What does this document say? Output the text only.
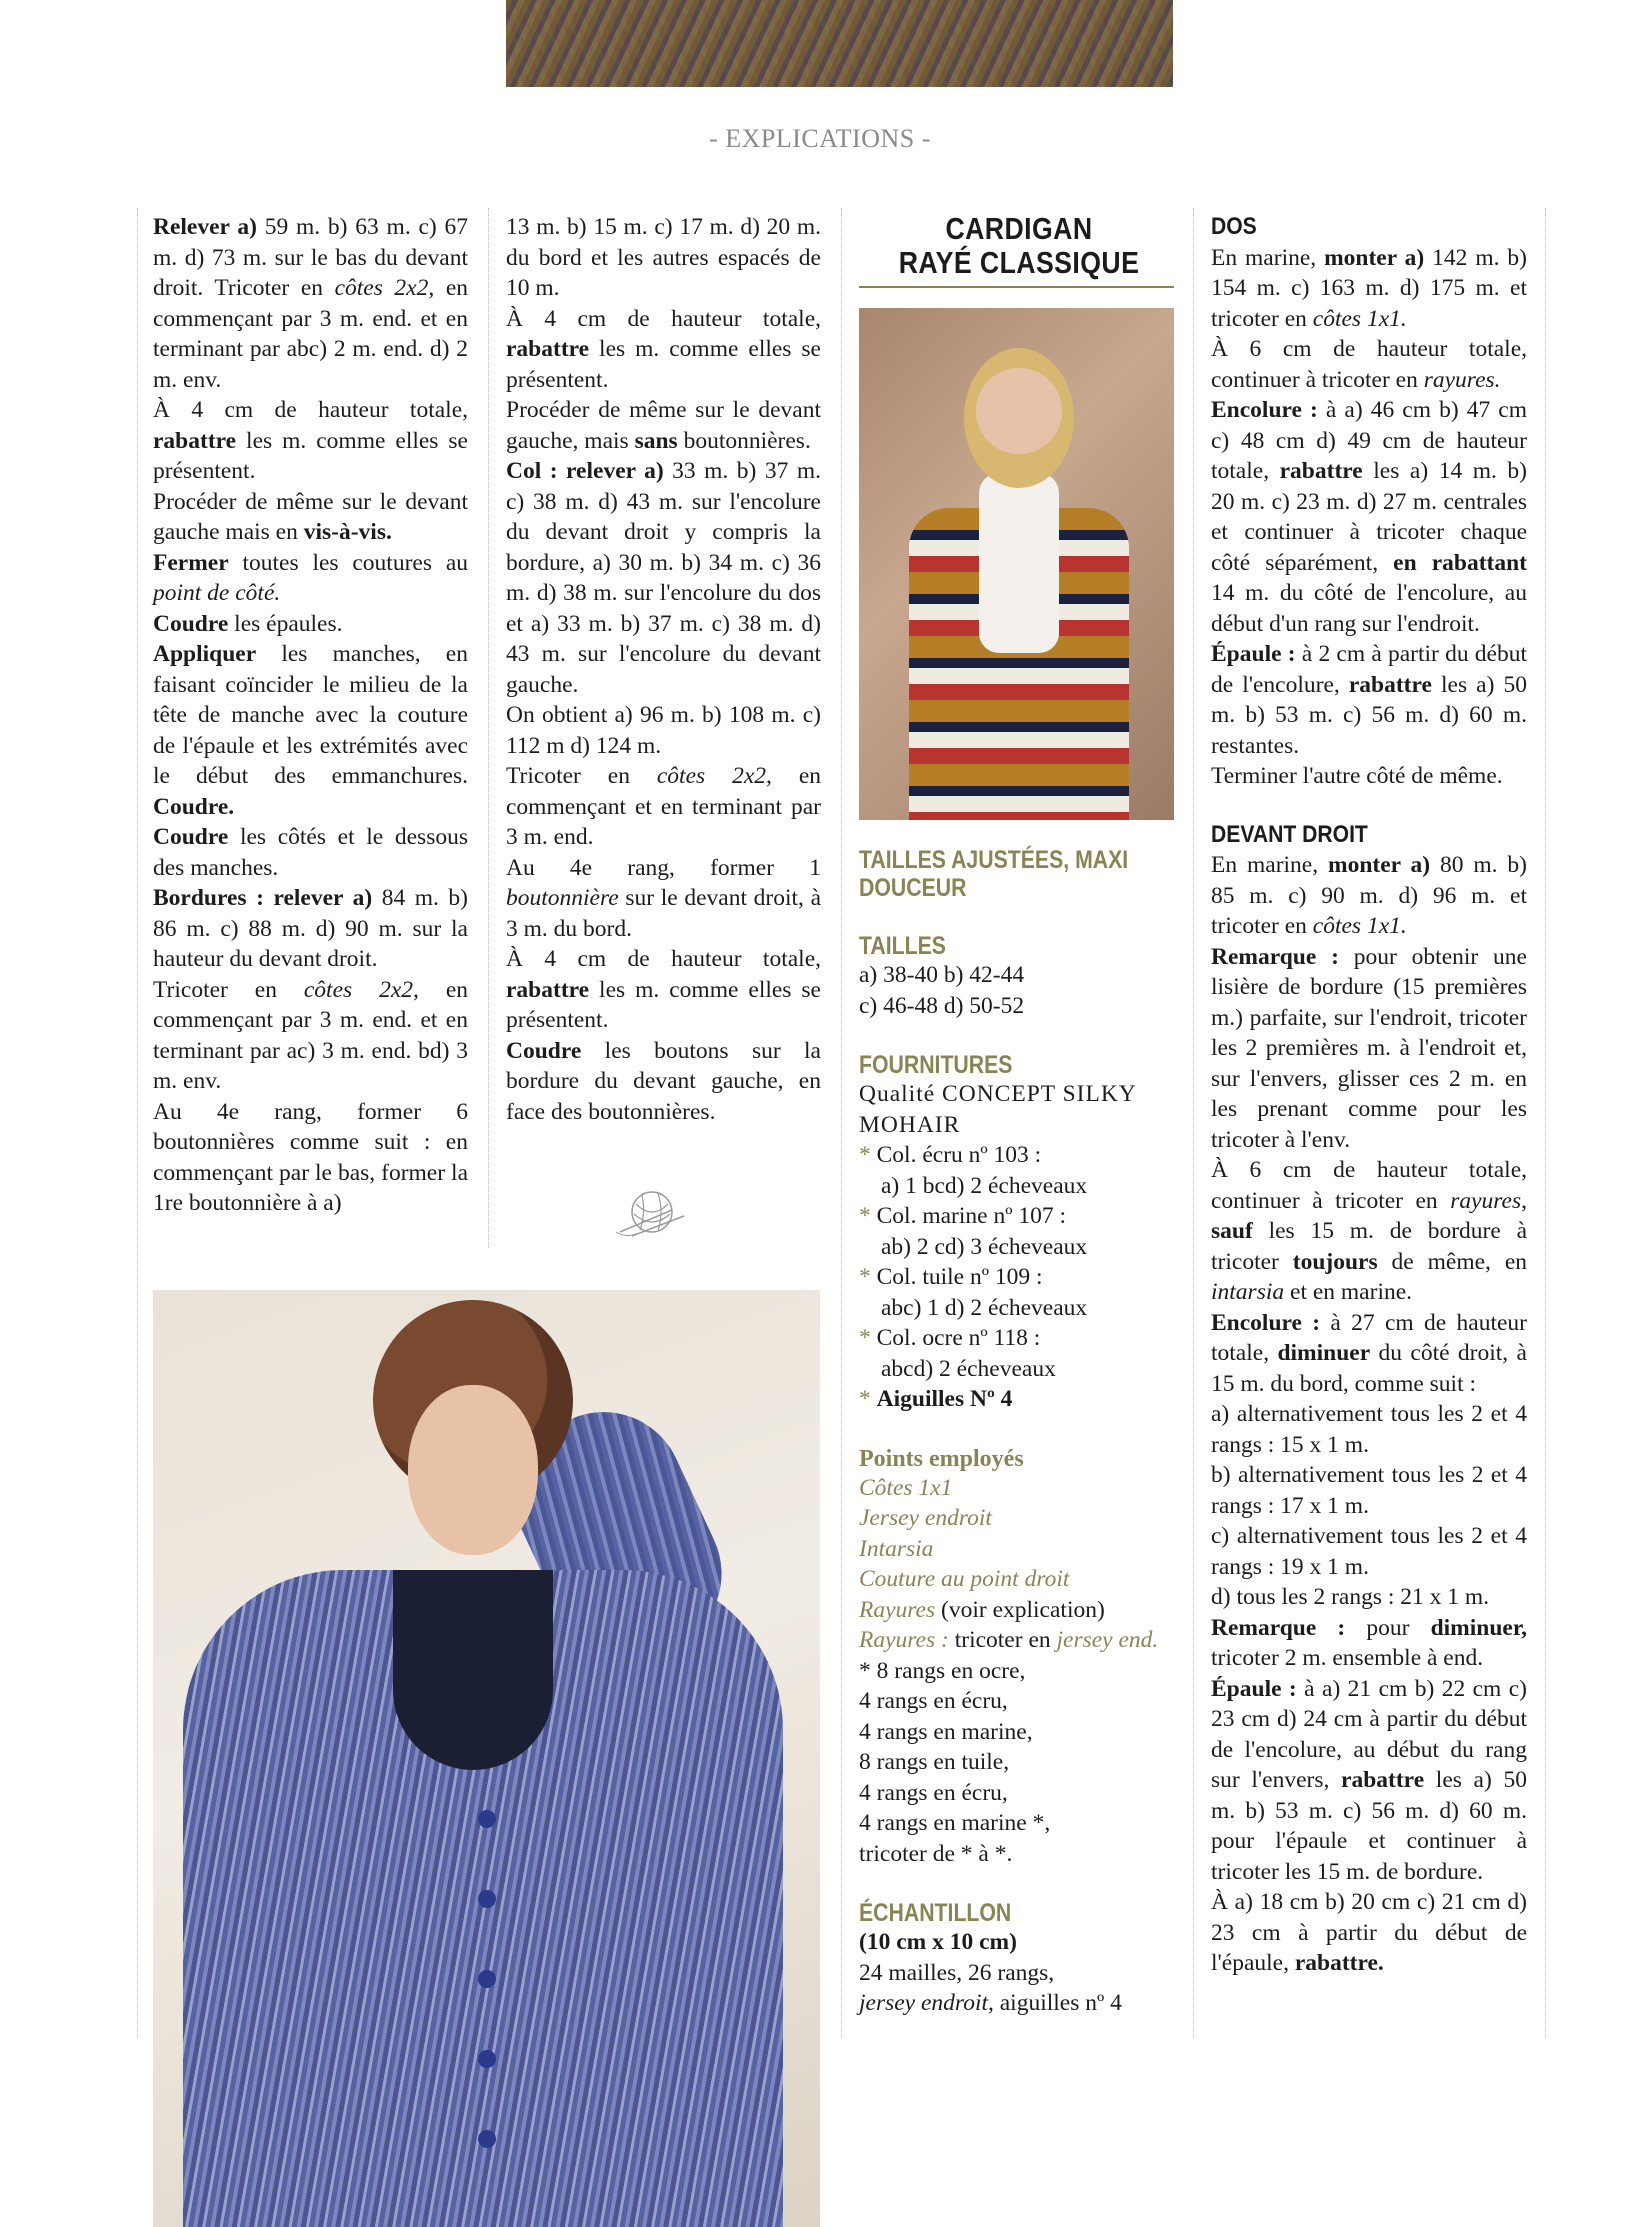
- EXPLICATIONS -

Relever a) 59 m. b) 63 m. c) 67 m. d) 73 m. sur le bas du devant droit. Tricoter en côtes 2x2, en commençant par 3 m. end. et en terminant par abc) 2 m. end. d) 2 m. env.

À 4 cm de hauteur totale, rabattre les m. comme elles se présentent.

Procéder de même sur le devant gauche mais en vis-à-vis.

Fermer toutes les coutures au point de côté.

Coudre les épaules.

Appliquer les manches, en faisant coïncider le milieu de la tête de manche avec la couture de l'épaule et les extrémités avec le début des emmanchures. Coudre.

Coudre les côtés et le dessous des manches.

Bordures : relever a) 84 m. b) 86 m. c) 88 m. d) 90 m. sur la hauteur du devant droit.

Tricoter en côtes 2x2, en commençant par 3 m. end. et en terminant par ac) 3 m. end. bd) 3 m. env.

Au 4e rang, former 6 boutonnières comme suit : en commençant par le bas, former la 1re boutonnière à a)

13 m. b) 15 m. c) 17 m. d) 20 m. du bord et les autres espacés de 10 m.

À 4 cm de hauteur totale, rabattre les m. comme elles se présentent.

Procéder de même sur le devant gauche, mais sans boutonnières.

Col : relever a) 33 m. b) 37 m. c) 38 m. d) 43 m. sur l'encolure du devant droit y compris la bordure, a) 30 m. b) 34 m. c) 36 m. d) 38 m. sur l'encolure du dos et a) 33 m. b) 37 m. c) 38 m. d) 43 m. sur l'encolure du devant gauche.

On obtient a) 96 m. b) 108 m. c) 112 m d) 124 m.

Tricoter en côtes 2x2, en commençant et en terminant par 3 m. end.

Au 4e rang, former 1 boutonnière sur le devant droit, à 3 m. du bord.

À 4 cm de hauteur totale, rabattre les m. comme elles se présentent.

Coudre les boutons sur la bordure du devant gauche, en face des boutonnières.

CARDIGAN
RAYÉ CLASSIQUE
TAILLES AJUSTÉES, MAXI DOUCEUR
TAILLES

a) 38-40 b) 42-44

c) 46-48 d) 50-52

FOURNITURES

Qualité CONCEPT SILKY MOHAIR

* Col. écru nº 103 :

a) 1 bcd) 2 écheveaux

* Col. marine nº 107 :

ab) 2 cd) 3 écheveaux

* Col. tuile nº 109 :

abc) 1 d) 2 écheveaux

* Col. ocre nº 118 :

abcd) 2 écheveaux

* Aiguilles Nº 4

Points employés

Côtes 1x1

Jersey endroit

Intarsia

Couture au point droit

Rayures (voir explication)

Rayures : tricoter en jersey end.

* 8 rangs en ocre,

4 rangs en écru,

4 rangs en marine,

8 rangs en tuile,

4 rangs en écru,

4 rangs en marine *,

tricoter de * à *.

ÉCHANTILLON

(10 cm x 10 cm)

24 mailles, 26 rangs,

jersey endroit, aiguilles nº 4

DOS

En marine, monter a) 142 m. b) 154 m. c) 163 m. d) 175 m. et tricoter en côtes 1x1.

À 6 cm de hauteur totale, continuer à tricoter en rayures.

Encolure : à a) 46 cm b) 47 cm c) 48 cm d) 49 cm de hauteur totale, rabattre les a) 14 m. b) 20 m. c) 23 m. d) 27 m. centrales et continuer à tricoter chaque côté séparément, en rabattant 14 m. du côté de l'encolure, au début d'un rang sur l'endroit.

Épaule : à 2 cm à partir du début de l'encolure, rabattre les a) 50 m. b) 53 m. c) 56 m. d) 60 m. restantes.

Terminer l'autre côté de même.

DEVANT DROIT

En marine, monter a) 80 m. b) 85 m. c) 90 m. d) 96 m. et tricoter en côtes 1x1.

Remarque : pour obtenir une lisière de bordure (15 premières m.) parfaite, sur l'endroit, tricoter les 2 premières m. à l'endroit et, sur l'envers, glisser ces 2 m. en les prenant comme pour les tricoter à l'env.

À 6 cm de hauteur totale, continuer à tricoter en rayures, sauf les 15 m. de bordure à tricoter toujours de même, en intarsia et en marine.

Encolure : à 27 cm de hauteur totale, diminuer du côté droit, à 15 m. du bord, comme suit :

a) alternativement tous les 2 et 4 rangs : 15 x 1 m.

b) alternativement tous les 2 et 4 rangs : 17 x 1 m.

c) alternativement tous les 2 et 4 rangs : 19 x 1 m.

d) tous les 2 rangs : 21 x 1 m.

Remarque : pour diminuer, tricoter 2 m. ensemble à end.

Épaule : à a) 21 cm b) 22 cm c) 23 cm d) 24 cm à partir du début de l'encolure, au début du rang sur l'envers, rabattre les a) 50 m. b) 53 m. c) 56 m. d) 60 m. pour l'épaule et continuer à tricoter les 15 m. de bordure.

À a) 18 cm b) 20 cm c) 21 cm d) 23 cm à partir du début de l'épaule, rabattre.
